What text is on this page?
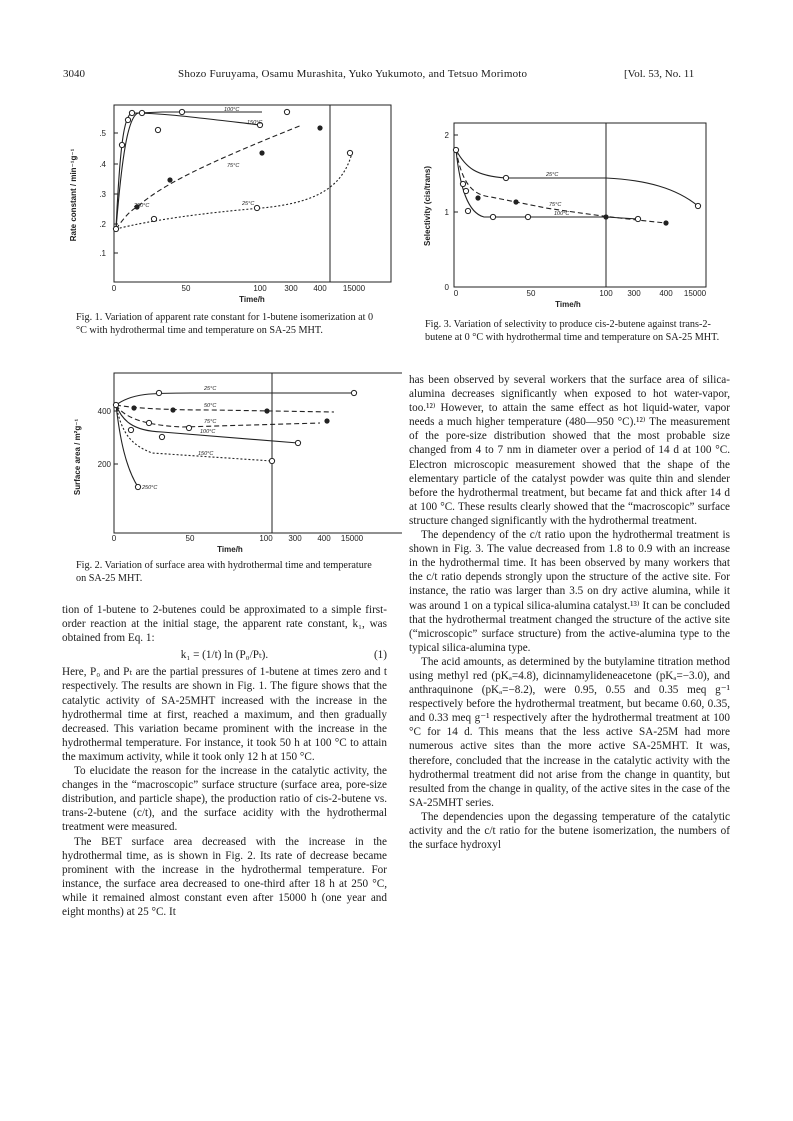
3040	Shozo Furuyama, Osamu Murashita, Yuko Yukumoto, and Tetsuo Morimoto	[Vol. 53, No. 11
.1
.2
.3
.4
.5
0	50	100 300 400 15000
Time/h
Rate constant / min⁻¹g⁻¹
100°C
150°C
75°C
250°C	25°C
Fig. 1. Variation of apparent rate constant for 1-butene isomerization at 0 °C with hydrothermal time and temperature on SA-25 MHT.
400
200
0	50	100 300 400 15000
Time/h
Surface area / m²g⁻¹
25°C
50°C
75°C
100°C
150°C
250°C
Fig. 2. Variation of surface area with hydrothermal time and temperature on SA-25 MHT.
2
1
0
0	50	100 300 400 15000
Time/h
Selectivity (cis/trans)	25°C
75°C
100°C
Fig. 3. Variation of selectivity to produce cis-2-butene against trans-2-butene at 0 °C with hydrothermal time and temperature on SA-25 MHT.

tion of 1-butene to 2-butenes could be approximated to a simple first-order reaction at the initial stage, the apparent rate constant, k₁, was obtained from Eq. 1:

k₁ = (1/t) ln (P₀/Pₜ).	(1)

Here, P₀ and Pₜ are the partial pressures of 1-butene at times zero and t respectively. The results are shown in Fig. 1. The figure shows that the catalytic activity of SA-25MHT increased with the increase in the hydrothermal time at first, reached a maximum, and then gradually decreased. This variation became prominent with the increase in the hydrothermal temperature. For instance, it took 50 h at 100 °C to attain the maximum activity, while it took only 12 h at 150 °C.

To elucidate the reason for the increase in the catalytic activity, the changes in the “macroscopic” surface structure (surface area, pore-size distribution, and particle shape), the production ratio of cis-2-butene vs. trans-2-butene (c/t), and the surface acidity with the hydrothermal treatment were measured.

The BET surface area decreased with the increase in the hydrothermal time, as is shown in Fig. 2. Its rate of decrease became prominent with the increase in the hydrothermal temperature. For instance, the surface area decreased to one-third after 18 h at 250 °C, while it remained almost constant even after 15000 h (one year and eight months) at 25 °C. It

has been observed by several workers that the surface area of silica-alumina decreases significantly when exposed to hot water-vapor, too.¹²⁾ However, to attain the same effect as hot liquid-water, vapor needs a much higher temperature (480—950 °C).¹²⁾ The measurement of the pore-size distribution showed that the most probable size changed from 4 to 7 nm in diameter over a period of 14 d at 100 °C. Electron microscopic measurement showed that the shape of the elementary particle of the catalyst powder was quite thin and slender before the hydrothermal treatment, but became fat and thick after 14 d at 100 °C. These results clearly showed that the “macroscopic” surface structure changed significantly with the hydrothermal treatment.

The dependency of the c/t ratio upon the hydrothermal treatment is shown in Fig. 3. The value decreased from 1.8 to 0.9 with an increase in the hydrothermal time. It has been observed by many workers that the c/t ratio depends strongly upon the structure of the active site. For instance, the ratio was larger than 3.5 on dry active alumina, while it was around 1 on a typical silica-alumina catalyst.¹³⁾ It can be concluded that the hydrothermal treatment changed the structure of the active site (“microscopic” surface structure) from the active-alumina type to the typical silica-alumina type.

The acid amounts, as determined by the butylamine titration method using methyl red (pKₐ=4.8), dicinnamylideneacetone (pKₐ=−3.0), and anthraquinone (pKₐ=−8.2), were 0.95, 0.55 and 0.35 meq g⁻¹ respectively before the hydrothermal treatment, but became 0.60, 0.35, and 0.33 meq g⁻¹ respectively after the hydrothermal treatment at 100 °C for 14 d. This means that the less active SA-25M had more numerous active sites than the more active SA-25MHT. It was, therefore, concluded that the increase in the catalytic activity with the hydrothermal treatment did not arise from the change in quantity, but resulted from the change in quality, of the active sites in the case of the SA-25MHT series.

The dependencies upon the degassing temperature of the catalytic activity and the c/t ratio for the butene isomerization, the numbers of the surface hydroxyl
